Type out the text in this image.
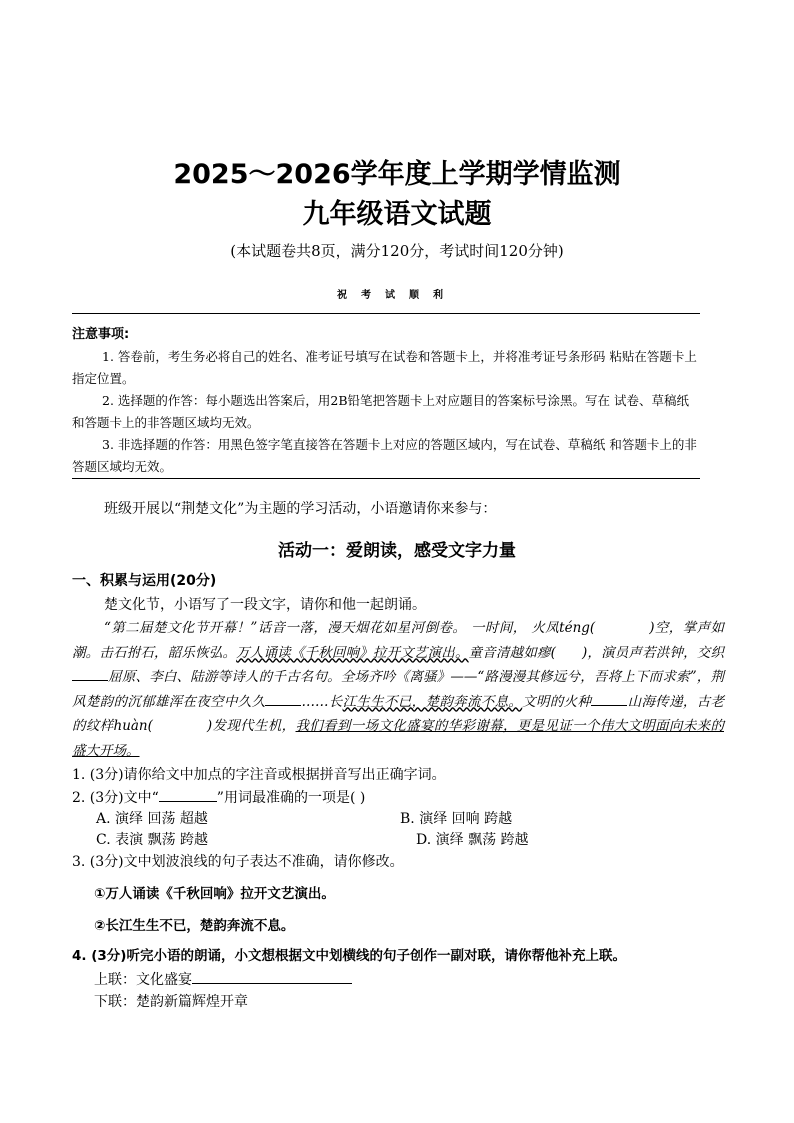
2025～2026学年度上学期学情监测
九年级语文试题
(本试题卷共8页，满分120分，考试时间120分钟)
祝考试顺利
注意事项:

1. 答卷前，考生务必将自己的姓名、准考证号填写在试卷和答题卡上，并将准考证号条形码 粘贴在答题卡上指定位置。

2. 选择题的作答：每小题选出答案后，用2B铅笔把答题卡上对应题目的答案标号涂黑。写在 试卷、草稿纸和答题卡上的非答题区域均无效。

3. 非选择题的作答：用黑色签字笔直接答在答题卡上对应的答题区域内，写在试卷、草稿纸 和答题卡上的非答题区域均无效。

班级开展以“荆楚文化”为主题的学习活动，小语邀请你来参与：
活动一：爱朗读，感受文字力量
一、积累与运用(20分)
楚文化节，小语写了一段文字，请你和他一起朗诵。

“第二届楚文化节开幕！”话音一落，漫天烟花如星河倒卷。 一时间， 火凤téng(	)空，掌声如潮。击石拊石，韶乐恢弘。万人诵读《千秋回响》拉开文艺演出。童音清越如瘳( )，演员声若洪钟，交织屈原、李白、陆游等诗人的千古名句。全场齐吟《离骚》——“路漫漫其修远兮，吾将上下而求索”，荆风楚韵的沉郁雄浑在夜空中久久	……长江生生不已，楚韵奔流不息。文明的火种	山海传递，古老的纹样huàn(	)发现代生机，我们看到一场文化盛宴的华彩谢幕，更是见证一个伟大文明面向未来的盛大开场。

1. (3分)请你给文中加点的字注音或根据拼音写出正确字词。
2. (3分)文中“	”用词最准确的一项是( )
A. 演绎 回荡 超越	B. 演绎 回响 跨越
C. 表演 飘荡 跨越	D. 演绎 飘荡 跨越
3. (3分)文中划波浪线的句子表达不准确，请你修改。
①万人诵读《千秋回响》拉开文艺演出。
②长江生生不已，楚韵奔流不息。
4. (3分)听完小语的朗诵，小文想根据文中划横线的句子创作一副对联，请你帮他补充上联。
上联：文化盛宴
下联：楚韵新篇辉煌开章
